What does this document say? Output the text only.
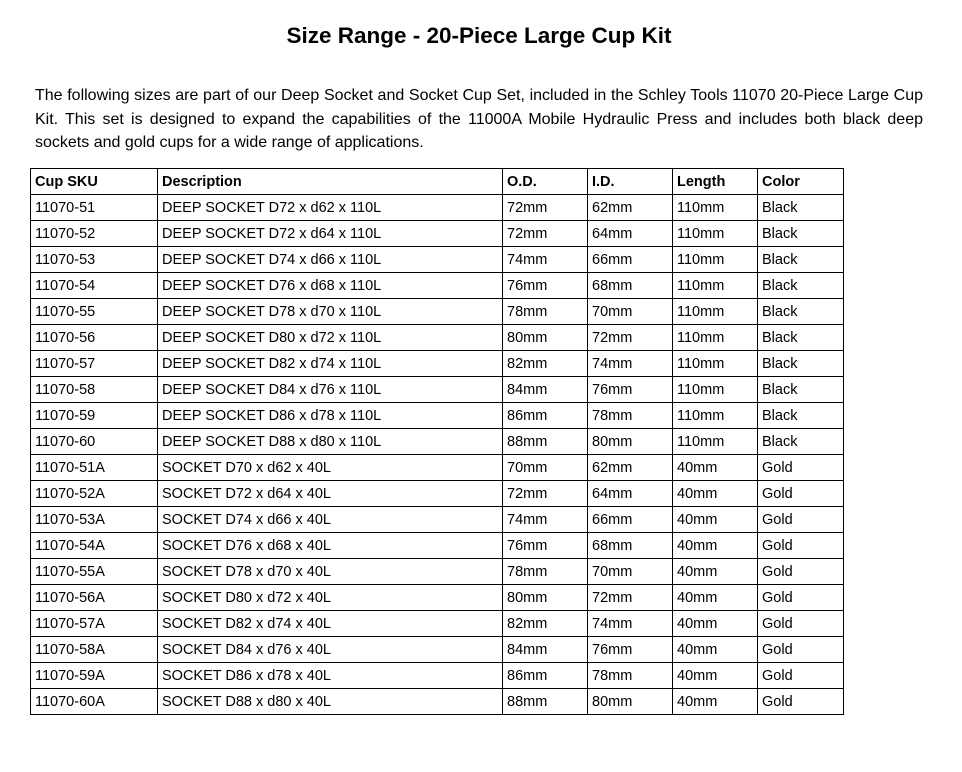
Size Range - 20-Piece Large Cup Kit

The following sizes are part of our Deep Socket and Socket Cup Set, included in the Schley Tools 11070 20-Piece Large Cup Kit. This set is designed to expand the capabilities of the 11000A Mobile Hydraulic Press and includes both black deep sockets and gold cups for a wide range of applications.

Cup SKU	Description	O.D.	I.D.	Length	Color
11070-51	DEEP SOCKET D72 x d62 x 110L	72mm	62mm	110mm	Black
11070-52	DEEP SOCKET D72 x d64 x 110L	72mm	64mm	110mm	Black
11070-53	DEEP SOCKET D74 x d66 x 110L	74mm	66mm	110mm	Black
11070-54	DEEP SOCKET D76 x d68 x 110L	76mm	68mm	110mm	Black
11070-55	DEEP SOCKET D78 x d70 x 110L	78mm	70mm	110mm	Black
11070-56	DEEP SOCKET D80 x d72 x 110L	80mm	72mm	110mm	Black
11070-57	DEEP SOCKET D82 x d74 x 110L	82mm	74mm	110mm	Black
11070-58	DEEP SOCKET D84 x d76 x 110L	84mm	76mm	110mm	Black
11070-59	DEEP SOCKET D86 x d78 x 110L	86mm	78mm	110mm	Black
11070-60	DEEP SOCKET D88 x d80 x 110L	88mm	80mm	110mm	Black
11070-51A	SOCKET D70 x d62 x 40L	70mm	62mm	40mm	Gold
11070-52A	SOCKET D72 x d64 x 40L	72mm	64mm	40mm	Gold
11070-53A	SOCKET D74 x d66 x 40L	74mm	66mm	40mm	Gold
11070-54A	SOCKET D76 x d68 x 40L	76mm	68mm	40mm	Gold
11070-55A	SOCKET D78 x d70 x 40L	78mm	70mm	40mm	Gold
11070-56A	SOCKET D80 x d72 x 40L	80mm	72mm	40mm	Gold
11070-57A	SOCKET D82 x d74 x 40L	82mm	74mm	40mm	Gold
11070-58A	SOCKET D84 x d76 x 40L	84mm	76mm	40mm	Gold
11070-59A	SOCKET D86 x d78 x 40L	86mm	78mm	40mm	Gold
11070-60A	SOCKET D88 x d80 x 40L	88mm	80mm	40mm	Gold
